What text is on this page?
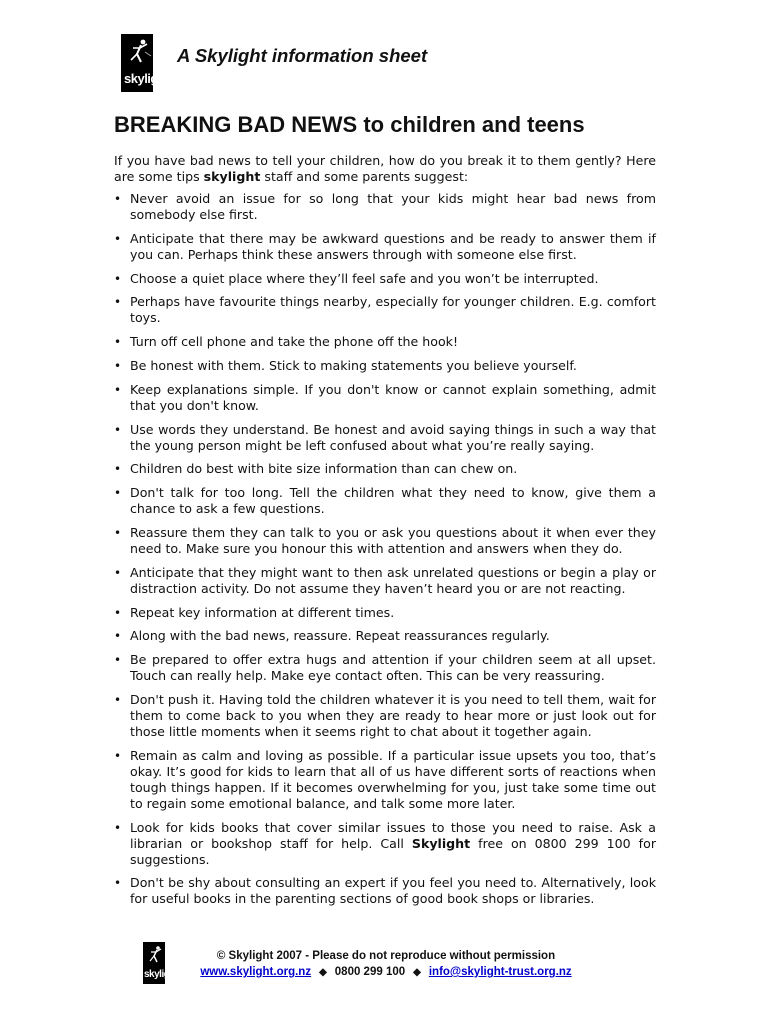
skylight
A Skylight information sheet
BREAKING BAD NEWS to children and teens

If you have bad news to tell your children, how do you break it to them gently? Here are some tips skylight staff and some parents suggest:

• Never avoid an issue for so long that your kids might hear bad news from somebody else first.
• Anticipate that there may be awkward questions and be ready to answer them if you can. Perhaps think these answers through with someone else first.
• Choose a quiet place where they’ll feel safe and you won’t be interrupted.
• Perhaps have favourite things nearby, especially for younger children. E.g. comfort toys.
• Turn off cell phone and take the phone off the hook!
• Be honest with them. Stick to making statements you believe yourself.
• Keep explanations simple. If you don't know or cannot explain something, admit that you don't know.
• Use words they understand. Be honest and avoid saying things in such a way that the young person might be left confused about what you’re really saying.
• Children do best with bite size information than can chew on.
• Don't talk for too long. Tell the children what they need to know, give them a chance to ask a few questions.
• Reassure them they can talk to you or ask you questions about it when ever they need to. Make sure you honour this with attention and answers when they do.
• Anticipate that they might want to then ask unrelated questions or begin a play or distraction activity. Do not assume they haven’t heard you or are not reacting.
• Repeat key information at different times.
• Along with the bad news, reassure. Repeat reassurances regularly.
• Be prepared to offer extra hugs and attention if your children seem at all upset. Touch can really help. Make eye contact often. This can be very reassuring.
• Don't push it. Having told the children whatever it is you need to tell them, wait for them to come back to you when they are ready to hear more or just look out for those little moments when it seems right to chat about it together again.
• Remain as calm and loving as possible. If a particular issue upsets you too, that’s okay. It’s good for kids to learn that all of us have different sorts of reactions when tough things happen. If it becomes overwhelming for you, just take some time out to regain some emotional balance, and talk some more later.
• Look for kids books that cover similar issues to those you need to raise. Ask a librarian or bookshop staff for help. Call Skylight free on 0800 299 100 for suggestions.
• Don't be shy about consulting an expert if you feel you need to. Alternatively, look for useful books in the parenting sections of good book shops or libraries.
skylight
© Skylight 2007 - Please do not reproduce without permission
www.skylight.org.nz ◆ 0800 299 100 ◆ info@skylight-trust.org.nz
